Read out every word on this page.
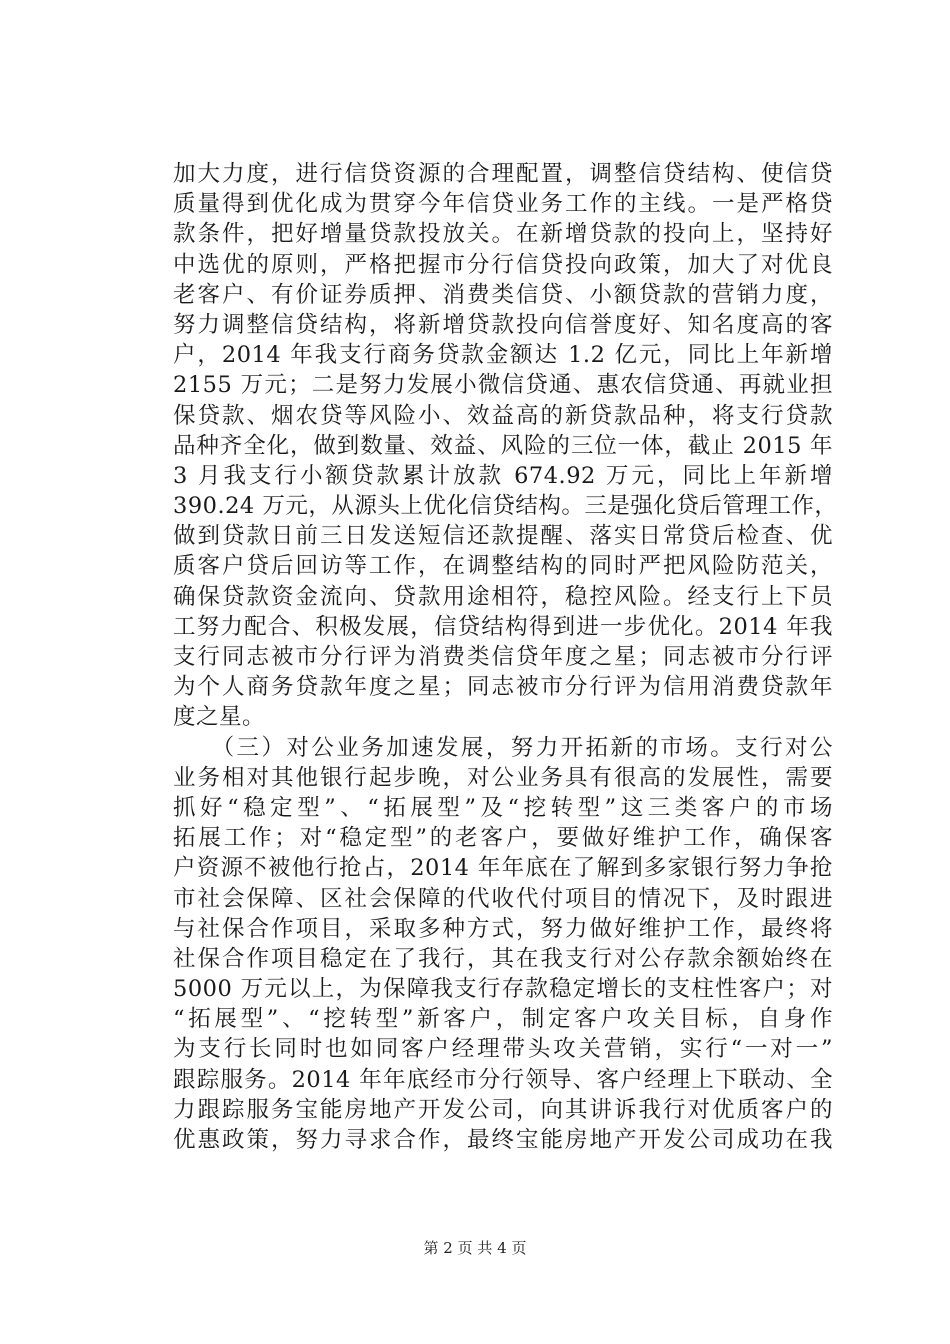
加大力度，进行信贷资源的合理配置，调整信贷结构、使信贷
质量得到优化成为贯穿今年信贷业务工作的主线。一是严格贷
款条件，把好增量贷款投放关。在新增贷款的投向上，坚持好
中选优的原则，严格把握市分行信贷投向政策，加大了对优良
老客户、有价证券质押、消费类信贷、小额贷款的营销力度，
努力调整信贷结构，将新增贷款投向信誉度好、知名度高的客
户，2014 年我支行商务贷款金额达 1.2 亿元，同比上年新增
2155 万元；二是努力发展小微信贷通、惠农信贷通、再就业担
保贷款、烟农贷等风险小、效益高的新贷款品种，将支行贷款
品种齐全化，做到数量、效益、风险的三位一体，截止 2015 年
3 月我支行小额贷款累计放款 674.92 万元，同比上年新增
390.24 万元，从源头上优化信贷结构。三是强化贷后管理工作，
做到贷款日前三日发送短信还款提醒、落实日常贷后检查、优
质客户贷后回访等工作，在调整结构的同时严把风险防范关，
确保贷款资金流向、贷款用途相符，稳控风险。经支行上下员
工努力配合、积极发展，信贷结构得到进一步优化。2014 年我
支行同志被市分行评为消费类信贷年度之星；同志被市分行评
为个人商务贷款年度之星；同志被市分行评为信用消费贷款年
度之星。
　　（三）对公业务加速发展，努力开拓新的市场。支行对公
业务相对其他银行起步晚，对公业务具有很高的发展性，需要
抓好“稳定型”、“拓展型”及“挖转型”这三类客户的市场
拓展工作；对“稳定型”的老客户，要做好维护工作，确保客
户资源不被他行抢占，2014 年年底在了解到多家银行努力争抢
市社会保障、区社会保障的代收代付项目的情况下，及时跟进
与社保合作项目，采取多种方式，努力做好维护工作，最终将
社保合作项目稳定在了我行，其在我支行对公存款余额始终在
5000 万元以上，为保障我支行存款稳定增长的支柱性客户；对
“拓展型”、“挖转型”新客户，制定客户攻关目标，自身作
为支行长同时也如同客户经理带头攻关营销，实行“一对一”
跟踪服务。2014 年年底经市分行领导、客户经理上下联动、全
力跟踪服务宝能房地产开发公司，向其讲诉我行对优质客户的
优惠政策，努力寻求合作，最终宝能房地产开发公司成功在我
第 2 页 共 4 页
